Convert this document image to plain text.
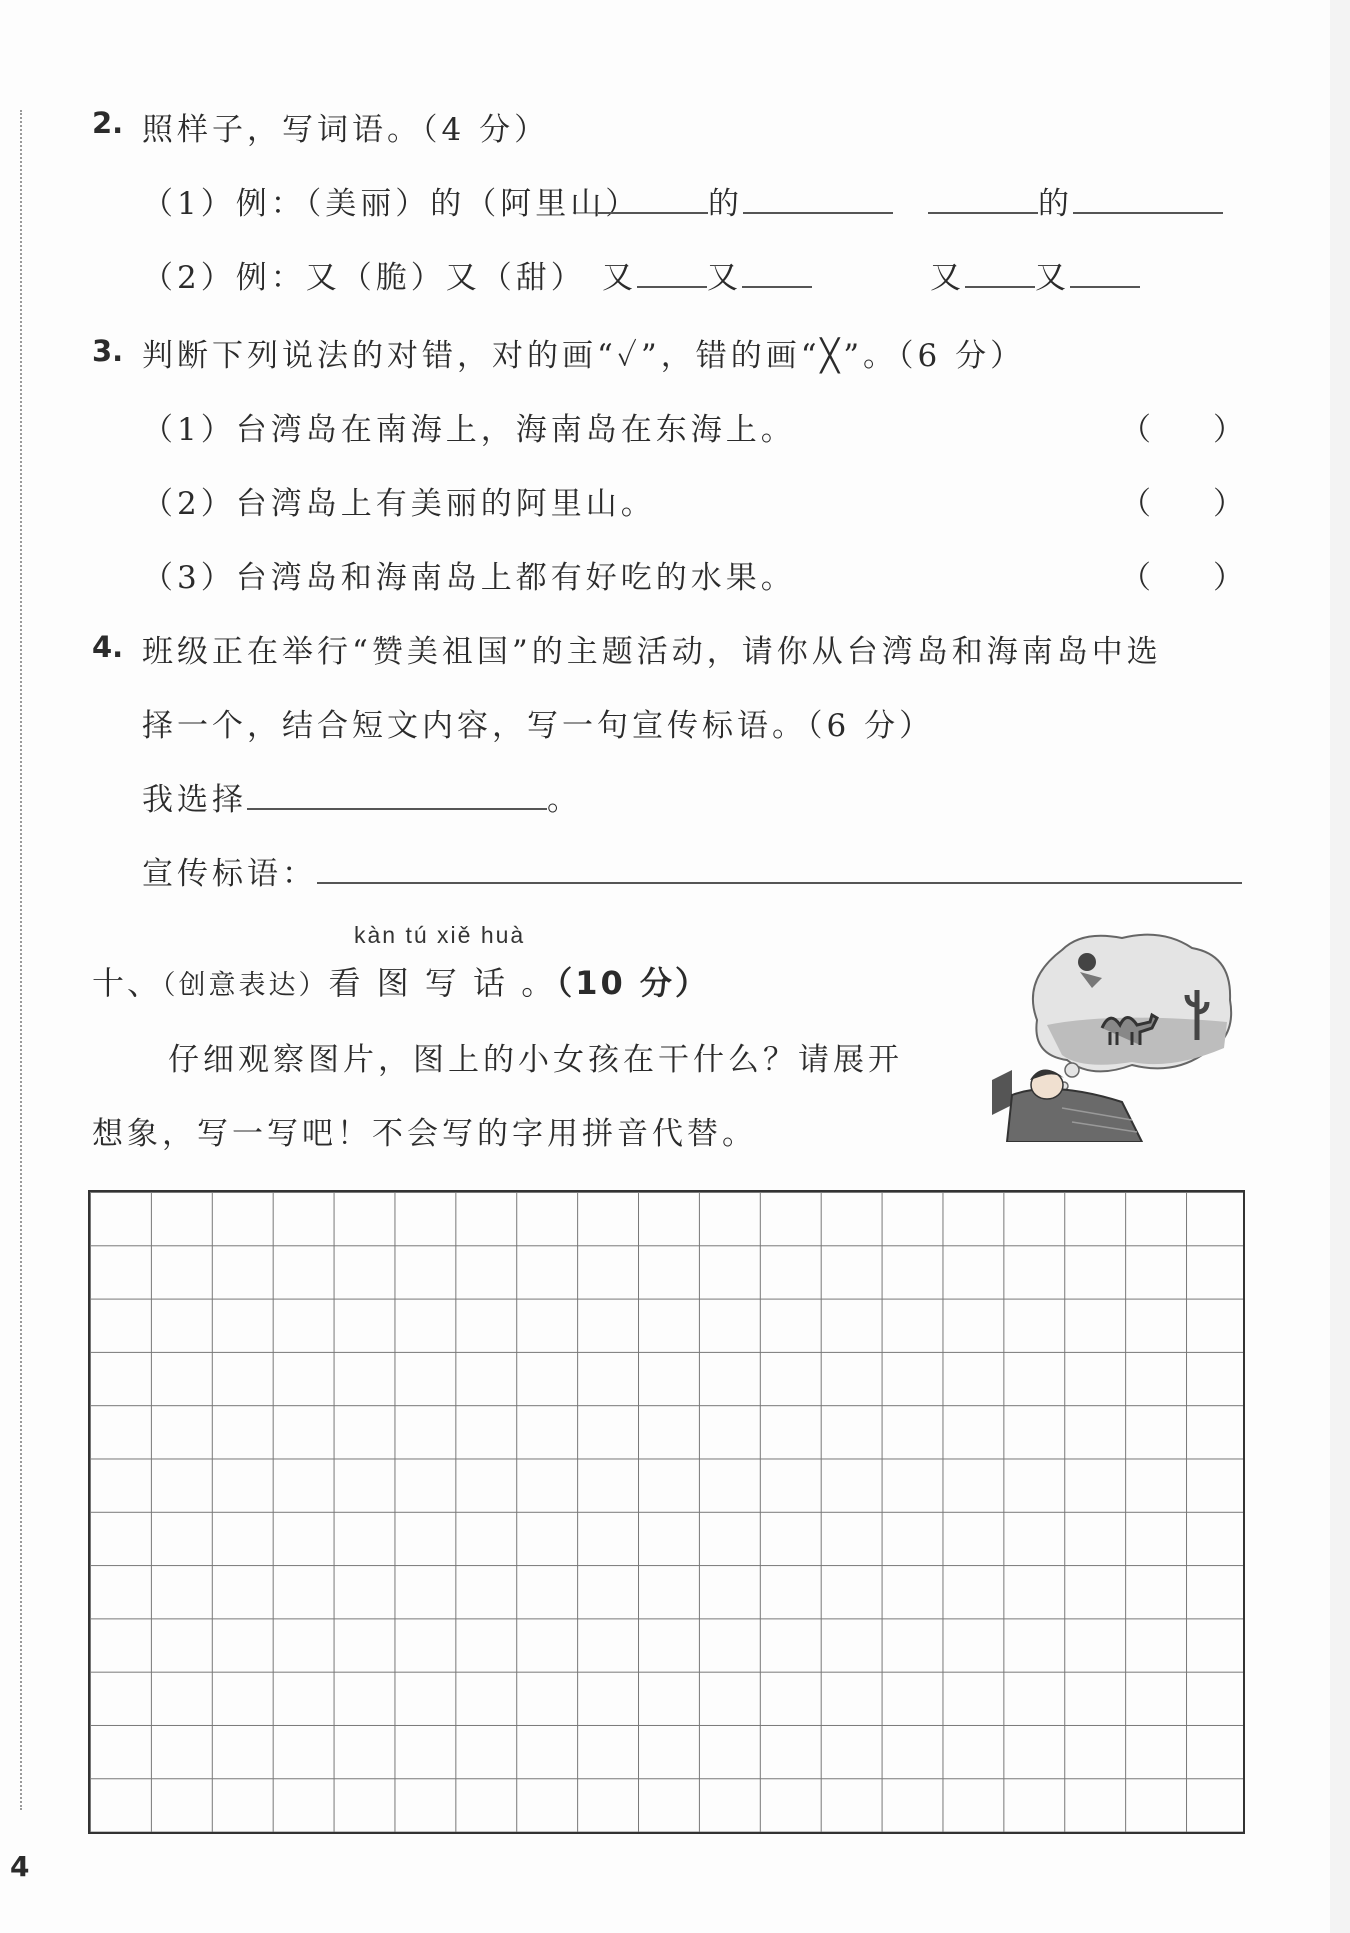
2. 照样子，写词语。（4 分）
（1）例：（美丽）的（阿里山）	的	的
（2）例：又（脆）又（甜） 又 又	又 又
3. 判断下列说法的对错，对的画“✓”，错的画“╳”。（6 分）
（1）台湾岛在南海上，海南岛在东海上。	（　　）
（2）台湾岛上有美丽的阿里山。	（　　）
（3）台湾岛和海南岛上都有好吃的水果。	（　　）
4. 班级正在举行“赞美祖国”的主题活动，请你从台湾岛和海南岛中选
择一个，结合短文内容，写一句宣传标语。（6 分）
我选择	。
宣传标语：
kàn tú xiě huà
十、（创意表达）看 图 写 话 。（10 分）
仔细观察图片，图上的小女孩在干什么？请展开
想象，写一写吧！不会写的字用拼音代替。
4
